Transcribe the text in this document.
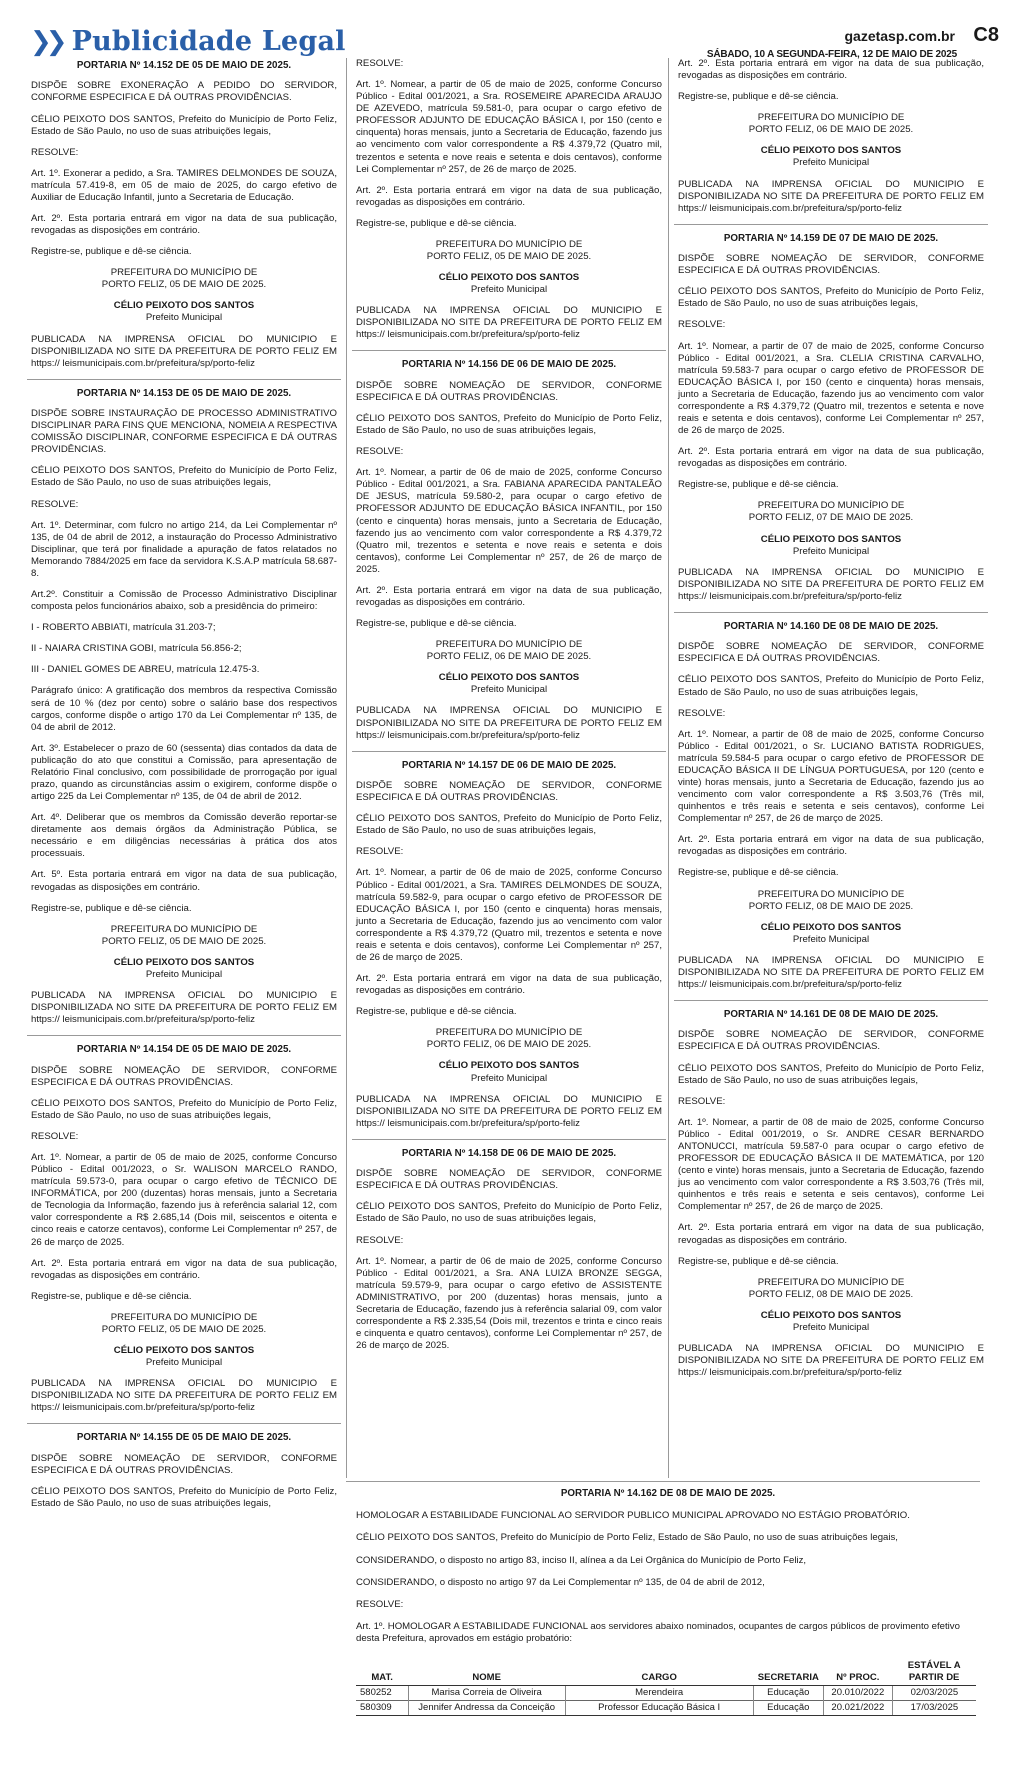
❯❯ Publicidade Legal	gazetasp.com.br C8
SÁBADO, 10 A SEGUNDA-FEIRA, 12 DE MAIO DE 2025
PORTARIA Nº 14.152 DE 05 DE MAIO DE 2025.

DISPÕE SOBRE EXONERAÇÃO A PEDIDO DO SERVIDOR, CONFORME ESPECIFICA E DÁ OUTRAS PROVIDÊNCIAS.

CÉLIO PEIXOTO DOS SANTOS, Prefeito do Município de Porto Feliz, Estado de São Paulo, no uso de suas atribuições legais,

RESOLVE:

Art. 1º. Exonerar a pedido, a Sra. TAMIRES DELMONDES DE SOUZA, matrícula 57.419-8, em 05 de maio de 2025, do cargo efetivo de Auxiliar de Educação Infantil, junto a Secretaria de Educação.

Art. 2º. Esta portaria entrará em vigor na data de sua publicação, revogadas as disposições em contrário.

Registre-se, publique e dê-se ciência.

PREFEITURA DO MUNICÍPIO DE
PORTO FELIZ, 05 DE MAIO DE 2025.
CÉLIO PEIXOTO DOS SANTOS
Prefeito Municipal

PUBLICADA NA IMPRENSA OFICIAL DO MUNICIPIO E DISPONIBILIZADA NO SITE DA PREFEITURA DE PORTO FELIZ EM https:// leismunicipais.com.br/prefeitura/sp/porto-feliz

PORTARIA Nº 14.153 DE 05 DE MAIO DE 2025.

DISPÕE SOBRE INSTAURAÇÃO DE PROCESSO ADMINISTRATIVO DISCIPLINAR PARA FINS QUE MENCIONA, NOMEIA A RESPECTIVA COMISSÃO DISCIPLINAR, CONFORME ESPECIFICA E DÁ OUTRAS PROVIDÊNCIAS.

CÉLIO PEIXOTO DOS SANTOS, Prefeito do Município de Porto Feliz, Estado de São Paulo, no uso de suas atribuições legais,

RESOLVE:

Art. 1º. Determinar, com fulcro no artigo 214, da Lei Complementar nº 135, de 04 de abril de 2012, a instauração do Processo Administrativo Disciplinar, que terá por finalidade a apuração de fatos relatados no Memorando 7884/2025 em face da servidora K.S.A.P matrícula 58.687-8.

Art.2º. Constituir a Comissão de Processo Administrativo Disciplinar composta pelos funcionários abaixo, sob a presidência do primeiro:

I - ROBERTO ABBIATI, matrícula 31.203-7;

II - NAIARA CRISTINA GOBI, matrícula 56.856-2;

III - DANIEL GOMES DE ABREU, matrícula 12.475-3.

Parágrafo único: A gratificação dos membros da respectiva Comissão será de 10 % (dez por cento) sobre o salário base dos respectivos cargos, conforme dispõe o artigo 170 da Lei Complementar nº 135, de 04 de abril de 2012.

Art. 3º. Estabelecer o prazo de 60 (sessenta) dias contados da data de publicação do ato que constitui a Comissão, para apresentação de Relatório Final conclusivo, com possibilidade de prorrogação por igual prazo, quando as circunstâncias assim o exigirem, conforme dispõe o artigo 225 da Lei Complementar nº 135, de 04 de abril de 2012.

Art. 4º. Deliberar que os membros da Comissão deverão reportar-se diretamente aos demais órgãos da Administração Pública, se necessário e em diligências necessárias à prática dos atos processuais.

Art. 5º. Esta portaria entrará em vigor na data de sua publicação, revogadas as disposições em contrário.

Registre-se, publique e dê-se ciência.

PREFEITURA DO MUNICÍPIO DE
PORTO FELIZ, 05 DE MAIO DE 2025.
CÉLIO PEIXOTO DOS SANTOS
Prefeito Municipal

PUBLICADA NA IMPRENSA OFICIAL DO MUNICIPIO E DISPONIBILIZADA NO SITE DA PREFEITURA DE PORTO FELIZ EM https:// leismunicipais.com.br/prefeitura/sp/porto-feliz

PORTARIA Nº 14.154 DE 05 DE MAIO DE 2025.

DISPÕE SOBRE NOMEAÇÃO DE SERVIDOR, CONFORME ESPECIFICA E DÁ OUTRAS PROVIDÊNCIAS.

CÉLIO PEIXOTO DOS SANTOS, Prefeito do Município de Porto Feliz, Estado de São Paulo, no uso de suas atribuições legais,

RESOLVE:

Art. 1º. Nomear, a partir de 05 de maio de 2025, conforme Concurso Público - Edital 001/2023, o Sr. WALISON MARCELO RANDO, matrícula 59.573-0, para ocupar o cargo efetivo de TÉCNICO DE INFORMÁTICA, por 200 (duzentas) horas mensais, junto a Secretaria de Tecnologia da Informação, fazendo jus à referência salarial 12, com valor correspondente a R$ 2.685,14 (Dois mil, seiscentos e oitenta e cinco reais e catorze centavos), conforme Lei Complementar nº 257, de 26 de março de 2025.

Art. 2º. Esta portaria entrará em vigor na data de sua publicação, revogadas as disposições em contrário.

Registre-se, publique e dê-se ciência.

PREFEITURA DO MUNICÍPIO DE
PORTO FELIZ, 05 DE MAIO DE 2025.
CÉLIO PEIXOTO DOS SANTOS
Prefeito Municipal

PUBLICADA NA IMPRENSA OFICIAL DO MUNICIPIO E DISPONIBILIZADA NO SITE DA PREFEITURA DE PORTO FELIZ EM https:// leismunicipais.com.br/prefeitura/sp/porto-feliz

PORTARIA Nº 14.155 DE 05 DE MAIO DE 2025.

DISPÕE SOBRE NOMEAÇÃO DE SERVIDOR, CONFORME ESPECIFICA E DÁ OUTRAS PROVIDÊNCIAS.

CÉLIO PEIXOTO DOS SANTOS, Prefeito do Município de Porto Feliz, Estado de São Paulo, no uso de suas atribuições legais,

RESOLVE:

Art. 1º. Nomear, a partir de 05 de maio de 2025, conforme Concurso Público - Edital 001/2021, a Sra. ROSEMEIRE APARECIDA ARAUJO DE AZEVEDO, matrícula 59.581-0, para ocupar o cargo efetivo de PROFESSOR ADJUNTO DE EDUCAÇÃO BÁSICA I, por 150 (cento e cinquenta) horas mensais, junto a Secretaria de Educação, fazendo jus ao vencimento com valor correspondente a R$ 4.379,72 (Quatro mil, trezentos e setenta e nove reais e setenta e dois centavos), conforme Lei Complementar nº 257, de 26 de março de 2025.

Art. 2º. Esta portaria entrará em vigor na data de sua publicação, revogadas as disposições em contrário.

Registre-se, publique e dê-se ciência.

PREFEITURA DO MUNICÍPIO DE
PORTO FELIZ, 05 DE MAIO DE 2025.
CÉLIO PEIXOTO DOS SANTOS
Prefeito Municipal

PUBLICADA NA IMPRENSA OFICIAL DO MUNICIPIO E DISPONIBILIZADA NO SITE DA PREFEITURA DE PORTO FELIZ EM https:// leismunicipais.com.br/prefeitura/sp/porto-feliz

PORTARIA Nº 14.156 DE 06 DE MAIO DE 2025.

DISPÕE SOBRE NOMEAÇÃO DE SERVIDOR, CONFORME ESPECIFICA E DÁ OUTRAS PROVIDÊNCIAS.

CÉLIO PEIXOTO DOS SANTOS, Prefeito do Município de Porto Feliz, Estado de São Paulo, no uso de suas atribuições legais,

RESOLVE:

Art. 1º. Nomear, a partir de 06 de maio de 2025, conforme Concurso Público - Edital 001/2021, a Sra. FABIANA APARECIDA PANTALEÃO DE JESUS, matrícula 59.580-2, para ocupar o cargo efetivo de PROFESSOR ADJUNTO DE EDUCAÇÃO BÁSICA INFANTIL, por 150 (cento e cinquenta) horas mensais, junto a Secretaria de Educação, fazendo jus ao vencimento com valor correspondente a R$ 4.379,72 (Quatro mil, trezentos e setenta e nove reais e setenta e dois centavos), conforme Lei Complementar nº 257, de 26 de março de 2025.

Art. 2º. Esta portaria entrará em vigor na data de sua publicação, revogadas as disposições em contrário.

Registre-se, publique e dê-se ciência.

PREFEITURA DO MUNICÍPIO DE
PORTO FELIZ, 06 DE MAIO DE 2025.
CÉLIO PEIXOTO DOS SANTOS
Prefeito Municipal

PUBLICADA NA IMPRENSA OFICIAL DO MUNICIPIO E DISPONIBILIZADA NO SITE DA PREFEITURA DE PORTO FELIZ EM https:// leismunicipais.com.br/prefeitura/sp/porto-feliz

PORTARIA Nº 14.157 DE 06 DE MAIO DE 2025.

DISPÕE SOBRE NOMEAÇÃO DE SERVIDOR, CONFORME ESPECIFICA E DÁ OUTRAS PROVIDÊNCIAS.

CÉLIO PEIXOTO DOS SANTOS, Prefeito do Município de Porto Feliz, Estado de São Paulo, no uso de suas atribuições legais,

RESOLVE:

Art. 1º. Nomear, a partir de 06 de maio de 2025, conforme Concurso Público - Edital 001/2021, a Sra. TAMIRES DELMONDES DE SOUZA, matrícula 59.582-9, para ocupar o cargo efetivo de PROFESSOR DE EDUCAÇÃO BÁSICA I, por 150 (cento e cinquenta) horas mensais, junto a Secretaria de Educação, fazendo jus ao vencimento com valor correspondente a R$ 4.379,72 (Quatro mil, trezentos e setenta e nove reais e setenta e dois centavos), conforme Lei Complementar nº 257, de 26 de março de 2025.

Art. 2º. Esta portaria entrará em vigor na data de sua publicação, revogadas as disposições em contrário.

Registre-se, publique e dê-se ciência.

PREFEITURA DO MUNICÍPIO DE
PORTO FELIZ, 06 DE MAIO DE 2025.
CÉLIO PEIXOTO DOS SANTOS
Prefeito Municipal

PUBLICADA NA IMPRENSA OFICIAL DO MUNICIPIO E DISPONIBILIZADA NO SITE DA PREFEITURA DE PORTO FELIZ EM https:// leismunicipais.com.br/prefeitura/sp/porto-feliz

PORTARIA Nº 14.158 DE 06 DE MAIO DE 2025.

DISPÕE SOBRE NOMEAÇÃO DE SERVIDOR, CONFORME ESPECIFICA E DÁ OUTRAS PROVIDÊNCIAS.

CÉLIO PEIXOTO DOS SANTOS, Prefeito do Município de Porto Feliz, Estado de São Paulo, no uso de suas atribuições legais,

RESOLVE:

Art. 1º. Nomear, a partir de 06 de maio de 2025, conforme Concurso Público - Edital 001/2021, a Sra. ANA LUIZA BRONZE SEGGA, matrícula 59.579-9, para ocupar o cargo efetivo de ASSISTENTE ADMINISTRATIVO, por 200 (duzentas) horas mensais, junto a Secretaria de Educação, fazendo jus à referência salarial 09, com valor correspondente a R$ 2.335,54 (Dois mil, trezentos e trinta e cinco reais e cinquenta e quatro centavos), conforme Lei Complementar nº 257, de 26 de março de 2025.

Art. 2º. Esta portaria entrará em vigor na data de sua publicação, revogadas as disposições em contrário.

Registre-se, publique e dê-se ciência.

PREFEITURA DO MUNICÍPIO DE
PORTO FELIZ, 06 DE MAIO DE 2025.
CÉLIO PEIXOTO DOS SANTOS
Prefeito Municipal

PUBLICADA NA IMPRENSA OFICIAL DO MUNICIPIO E DISPONIBILIZADA NO SITE DA PREFEITURA DE PORTO FELIZ EM https:// leismunicipais.com.br/prefeitura/sp/porto-feliz

PORTARIA Nº 14.159 DE 07 DE MAIO DE 2025.

DISPÕE SOBRE NOMEAÇÃO DE SERVIDOR, CONFORME ESPECIFICA E DÁ OUTRAS PROVIDÊNCIAS.

CÉLIO PEIXOTO DOS SANTOS, Prefeito do Município de Porto Feliz, Estado de São Paulo, no uso de suas atribuições legais,

RESOLVE:

Art. 1º. Nomear, a partir de 07 de maio de 2025, conforme Concurso Público - Edital 001/2021, a Sra. CLELIA CRISTINA CARVALHO, matrícula 59.583-7 para ocupar o cargo efetivo de PROFESSOR DE EDUCAÇÃO BÁSICA I, por 150 (cento e cinquenta) horas mensais, junto a Secretaria de Educação, fazendo jus ao vencimento com valor correspondente a R$ 4.379,72 (Quatro mil, trezentos e setenta e nove reais e setenta e dois centavos), conforme Lei Complementar nº 257, de 26 de março de 2025.

Art. 2º. Esta portaria entrará em vigor na data de sua publicação, revogadas as disposições em contrário.

Registre-se, publique e dê-se ciência.

PREFEITURA DO MUNICÍPIO DE
PORTO FELIZ, 07 DE MAIO DE 2025.
CÉLIO PEIXOTO DOS SANTOS
Prefeito Municipal

PUBLICADA NA IMPRENSA OFICIAL DO MUNICIPIO E DISPONIBILIZADA NO SITE DA PREFEITURA DE PORTO FELIZ EM https:// leismunicipais.com.br/prefeitura/sp/porto-feliz

PORTARIA Nº 14.160 DE 08 DE MAIO DE 2025.

DISPÕE SOBRE NOMEAÇÃO DE SERVIDOR, CONFORME ESPECIFICA E DÁ OUTRAS PROVIDÊNCIAS.

CÉLIO PEIXOTO DOS SANTOS, Prefeito do Município de Porto Feliz, Estado de São Paulo, no uso de suas atribuições legais,

RESOLVE:

Art. 1º. Nomear, a partir de 08 de maio de 2025, conforme Concurso Público - Edital 001/2021, o Sr. LUCIANO BATISTA RODRIGUES, matrícula 59.584-5 para ocupar o cargo efetivo de PROFESSOR DE EDUCAÇÃO BÁSICA II DE LÍNGUA PORTUGUESA, por 120 (cento e vinte) horas mensais, junto a Secretaria de Educação, fazendo jus ao vencimento com valor correspondente a R$ 3.503,76 (Três mil, quinhentos e três reais e setenta e seis centavos), conforme Lei Complementar nº 257, de 26 de março de 2025.

Art. 2º. Esta portaria entrará em vigor na data de sua publicação, revogadas as disposições em contrário.

Registre-se, publique e dê-se ciência.

PREFEITURA DO MUNICÍPIO DE
PORTO FELIZ, 08 DE MAIO DE 2025.
CÉLIO PEIXOTO DOS SANTOS
Prefeito Municipal

PUBLICADA NA IMPRENSA OFICIAL DO MUNICIPIO E DISPONIBILIZADA NO SITE DA PREFEITURA DE PORTO FELIZ EM https:// leismunicipais.com.br/prefeitura/sp/porto-feliz

PORTARIA Nº 14.161 DE 08 DE MAIO DE 2025.

DISPÕE SOBRE NOMEAÇÃO DE SERVIDOR, CONFORME ESPECIFICA E DÁ OUTRAS PROVIDÊNCIAS.

CÉLIO PEIXOTO DOS SANTOS, Prefeito do Município de Porto Feliz, Estado de São Paulo, no uso de suas atribuições legais,

RESOLVE:

Art. 1º. Nomear, a partir de 08 de maio de 2025, conforme Concurso Público - Edital 001/2019, o Sr. ANDRE CESAR BERNARDO ANTONUCCI, matrícula 59.587-0 para ocupar o cargo efetivo de PROFESSOR DE EDUCAÇÃO BÁSICA II DE MATEMÁTICA, por 120 (cento e vinte) horas mensais, junto a Secretaria de Educação, fazendo jus ao vencimento com valor correspondente a R$ 3.503,76 (Três mil, quinhentos e três reais e setenta e seis centavos), conforme Lei Complementar nº 257, de 26 de março de 2025.

Art. 2º. Esta portaria entrará em vigor na data de sua publicação, revogadas as disposições em contrário.

Registre-se, publique e dê-se ciência.

PREFEITURA DO MUNICÍPIO DE
PORTO FELIZ, 08 DE MAIO DE 2025.
CÉLIO PEIXOTO DOS SANTOS
Prefeito Municipal

PUBLICADA NA IMPRENSA OFICIAL DO MUNICIPIO E DISPONIBILIZADA NO SITE DA PREFEITURA DE PORTO FELIZ EM https:// leismunicipais.com.br/prefeitura/sp/porto-feliz

PORTARIA Nº 14.162 DE 08 DE MAIO DE 2025.

HOMOLOGAR A ESTABILIDADE FUNCIONAL AO SERVIDOR PUBLICO MUNICIPAL APROVADO NO ESTÁGIO PROBATÓRIO.

CÉLIO PEIXOTO DOS SANTOS, Prefeito do Município de Porto Feliz, Estado de São Paulo, no uso de suas atribuições legais,

CONSIDERANDO, o disposto no artigo 83, inciso II, alínea a da Lei Orgânica do Município de Porto Feliz,

CONSIDERANDO, o disposto no artigo 97 da Lei Complementar nº 135, de 04 de abril de 2012,

RESOLVE:

Art. 1º. HOMOLOGAR A ESTABILIDADE FUNCIONAL aos servidores abaixo nominados, ocupantes de cargos públicos de provimento efetivo desta Prefeitura, aprovados em estágio probatório:

MAT.	NOME	CARGO	SECRETARIA	Nº PROC.	ESTÁVEL A PARTIR DE
580252	Marisa Correia de Oliveira	Merendeira	Educação	20.010/2022	02/03/2025
580309	Jennifer Andressa da Conceição	Professor Educação Básica I	Educação	20.021/2022	17/03/2025
